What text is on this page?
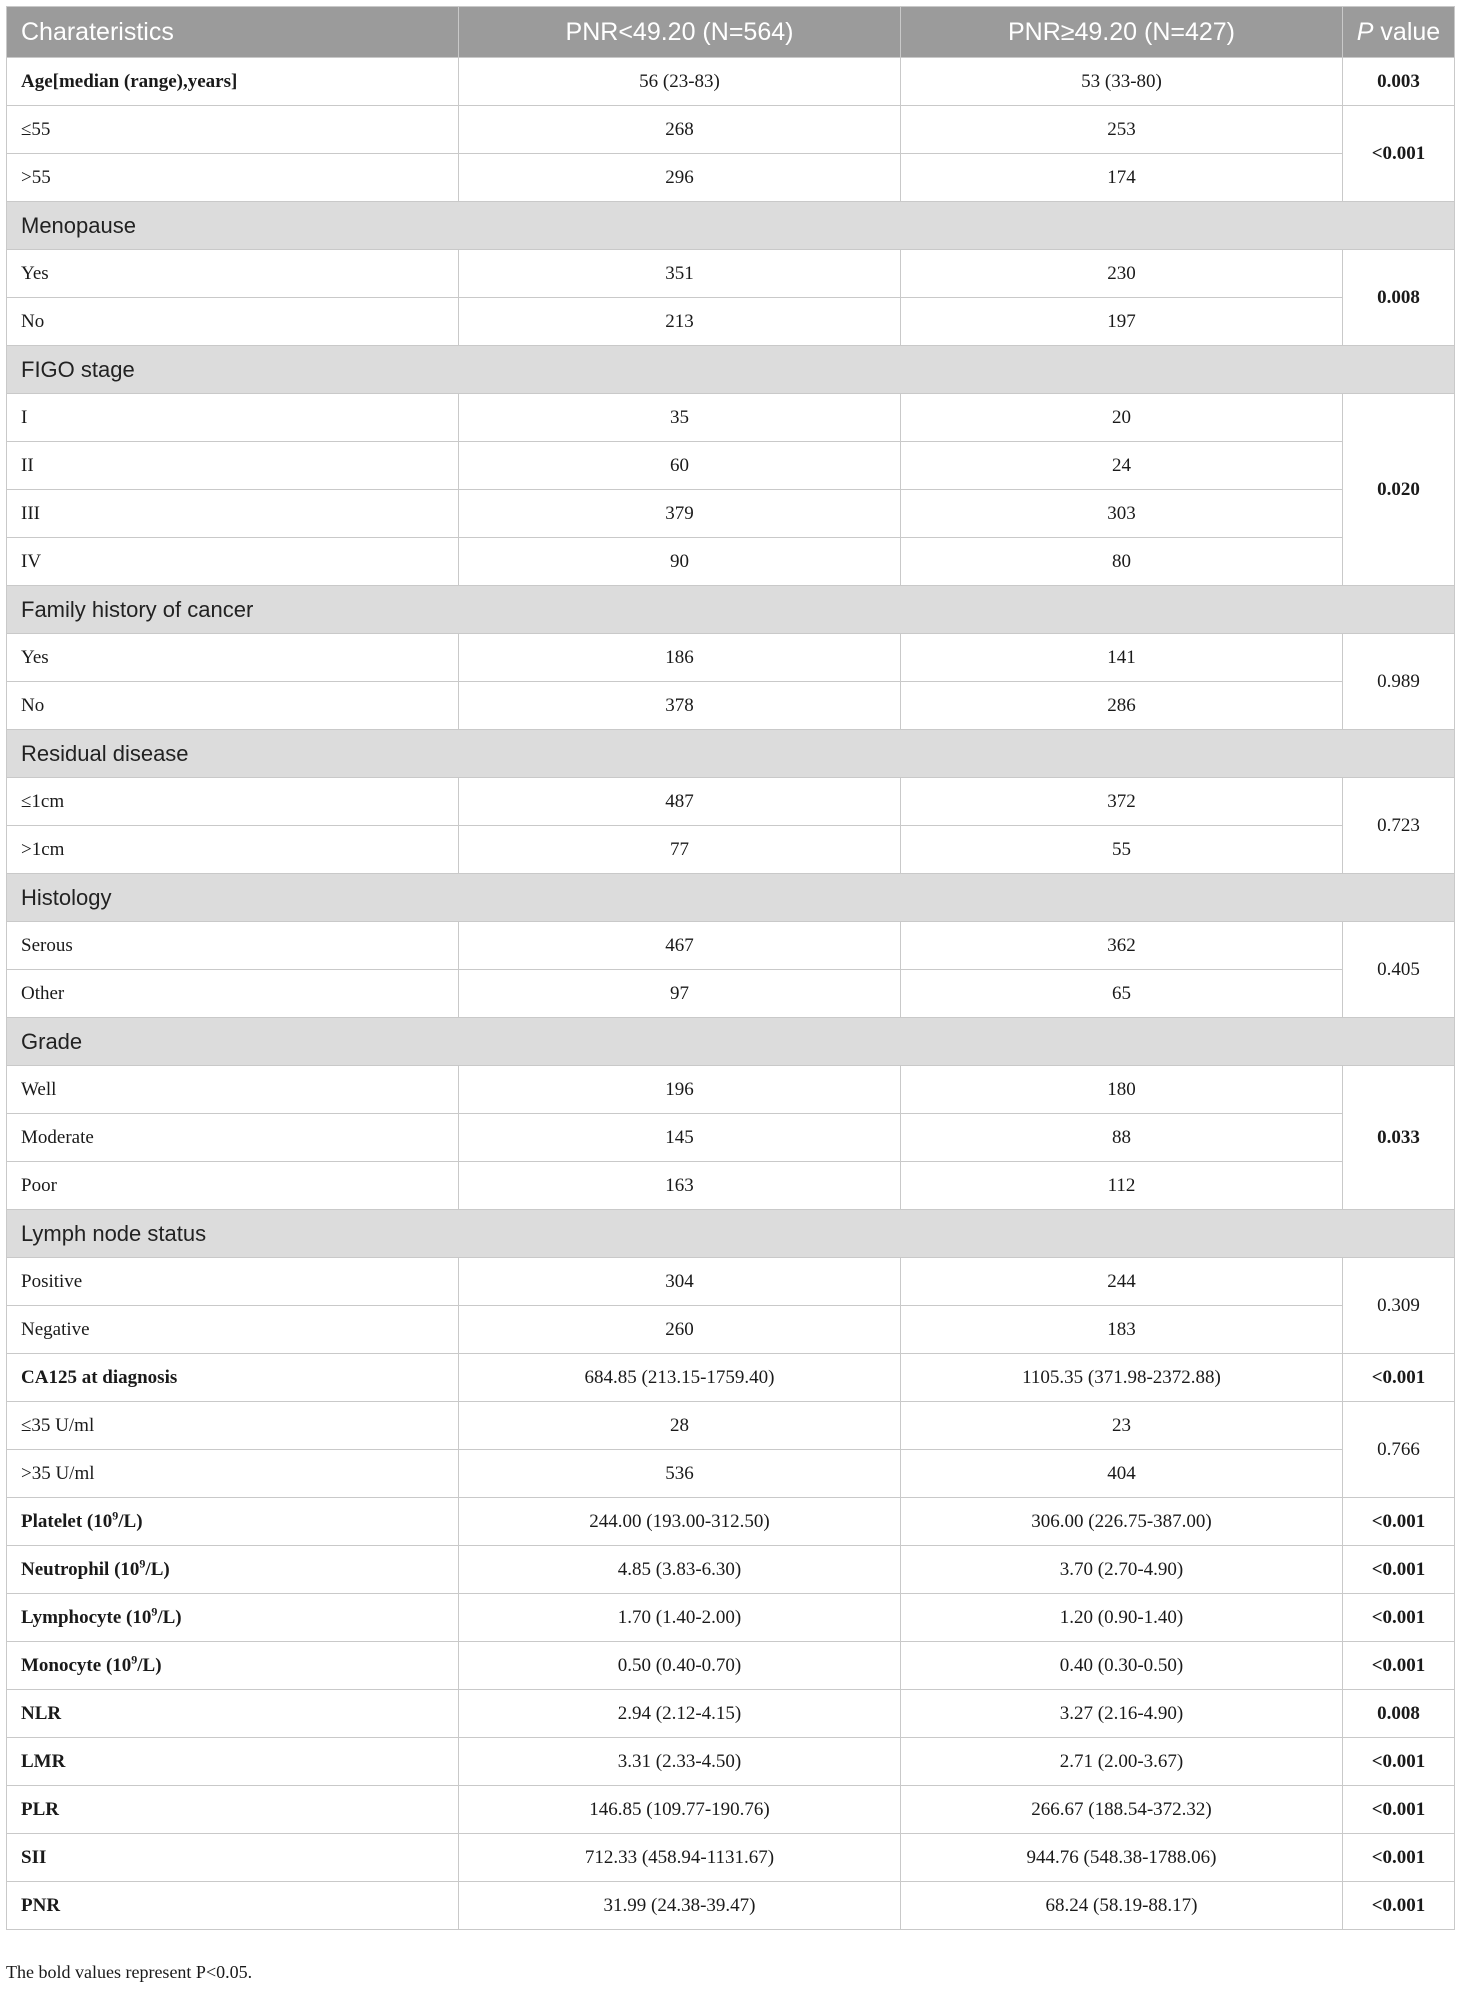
Charateristics	PNR<49.20 (N=564)	PNR≥49.20 (N=427)	P value
Age[median (range),years]	56 (23-83)	53 (33-80)	0.003
≤55	268	253	<0.001
>55	296	174	
Menopause			
Yes	351	230	0.008
No	213	197	
FIGO stage			
I	35	20	0.020
II	60	24	
III	379	303	
IV	90	80	
Family history of cancer			
Yes	186	141	0.989
No	378	286	
Residual disease			
≤1cm	487	372	0.723
>1cm	77	55	
Histology			
Serous	467	362	0.405
Other	97	65	
Grade			
Well	196	180	0.033
Moderate	145	88	
Poor	163	112	
Lymph node status			
Positive	304	244	0.309
Negative	260	183	
CA125 at diagnosis	684.85 (213.15-1759.40)	1105.35 (371.98-2372.88)	<0.001
≤35 U/ml	28	23	0.766
>35 U/ml	536	404	
Platelet $(10^9/L)$	244.00 (193.00-312.50)	306.00 (226.75-387.00)	<0.001
Neutrophil $(10^9/L)$	4.85 (3.83-6.30)	3.70 (2.70-4.90)	<0.001
Lymphocyte $(10^9/L)$	1.70 (1.40-2.00)	1.20 (0.90-1.40)	<0.001
Monocyte $(10^9/L)$	0.50 (0.40-0.70)	0.40 (0.30-0.50)	<0.001
NLR	2.94 (2.12-4.15)	3.27 (2.16-4.90)	0.008
LMR	3.31 (2.33-4.50)	2.71 (2.00-3.67)	<0.001
PLR	146.85 (109.77-190.76)	266.67 (188.54-372.32)	<0.001
SII	712.33 (458.94-1131.67)	944.76 (548.38-1788.06)	<0.001
PNR	31.99 (24.38-39.47)	68.24 (58.19-88.17)	<0.001
The bold values represent P<0.05.
